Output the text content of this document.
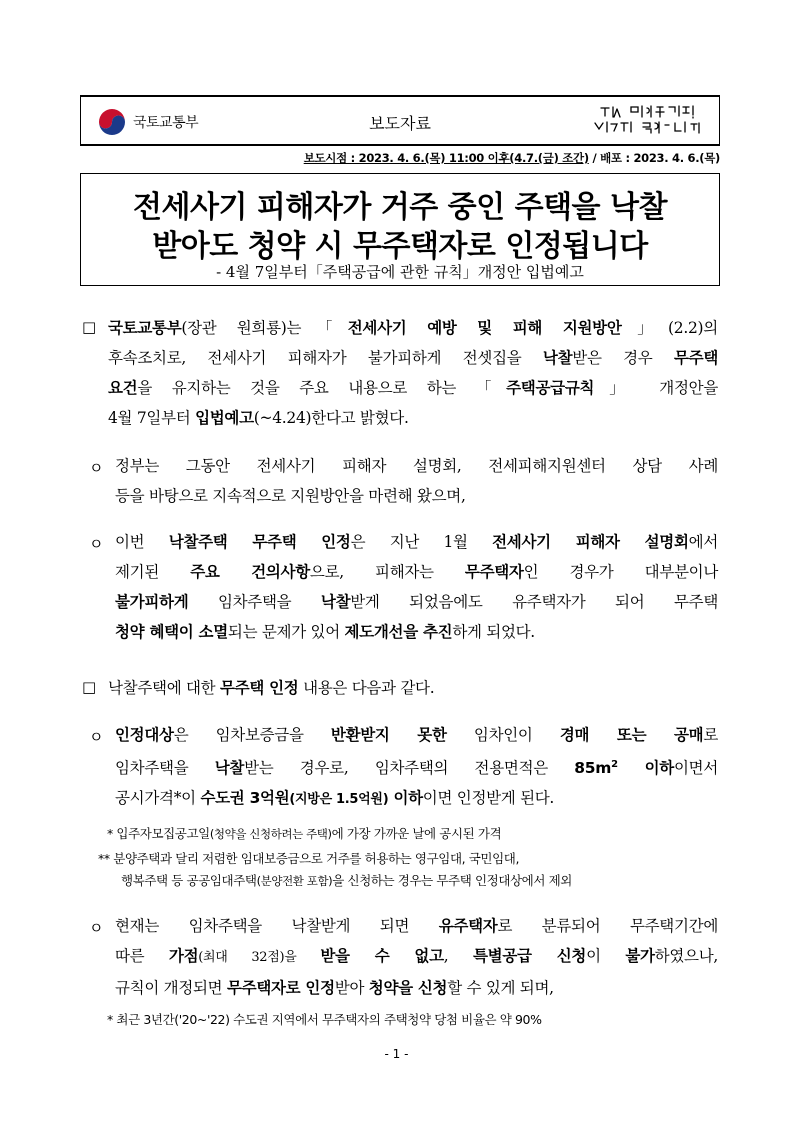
국토교통부	보도자료
다시 대한민국! 새로운 국민의 나라
보도시점 : 2023. 4. 6.(목) 11:00 이후(4.7.(금) 조간) / 배포 : 2023. 4. 6.(목)
전세사기 피해자가 거주 중인 주택을 낙찰
받아도 청약 시 무주택자로 인정됩니다
- 4월 7일부터「주택공급에 관한 규칙」개정안 입법예고
□ 국토교통부(장관 원희룡)는「전세사기 예방 및 피해 지원방안」(2.2)의
후속조치로, 전세사기 피해자가 불가피하게 전셋집을 낙찰받은 경우 무주택
요건을 유지하는 것을 주요 내용으로 하는 「주택공급규칙」 개정안을
4월 7일부터 입법예고(~4.24)한다고 밝혔다.
ㅇ 정부는 그동안 전세사기 피해자 설명회, 전세피해지원센터 상담 사례
등을 바탕으로 지속적으로 지원방안을 마련해 왔으며,
ㅇ 이번 낙찰주택 무주택 인정은 지난 1월 전세사기 피해자 설명회에서
제기된 주요 건의사항으로, 피해자는 무주택자인 경우가 대부분이나
불가피하게 임차주택을 낙찰받게 되었음에도 유주택자가 되어 무주택
청약 혜택이 소멸되는 문제가 있어 제도개선을 추진하게 되었다.
□ 낙찰주택에 대한 무주택 인정 내용은 다음과 같다.
ㅇ 인정대상은 임차보증금을 반환받지 못한 임차인이 경매 또는 공매로
임차주택을 낙찰받는 경우로, 임차주택의 전용면적은 $85m^2$ 이하이면서
공시가격*이 수도권 3억원(지방은 1.5억원) 이하이면 인정받게 된다.
* 입주자모집공고일(청약을 신청하려는 주택)에 가장 가까운 날에 공시된 가격
** 분양주택과 달리 저렴한 임대보증금으로 거주를 허용하는 영구임대, 국민임대,
행복주택 등 공공임대주택(분양전환 포함)을 신청하는 경우는 무주택 인정대상에서 제외
ㅇ 현재는 임차주택을 낙찰받게 되면 유주택자로 분류되어 무주택기간에
따른 가점(최대 32점)을 받을 수 없고, 특별공급 신청이 불가하였으나,
규칙이 개정되면 무주택자로 인정받아 청약을 신청할 수 있게 되며,
* 최근 3년간('20~'22) 수도권 지역에서 무주택자의 주택청약 당첨 비율은 약 90%
- 1 -
